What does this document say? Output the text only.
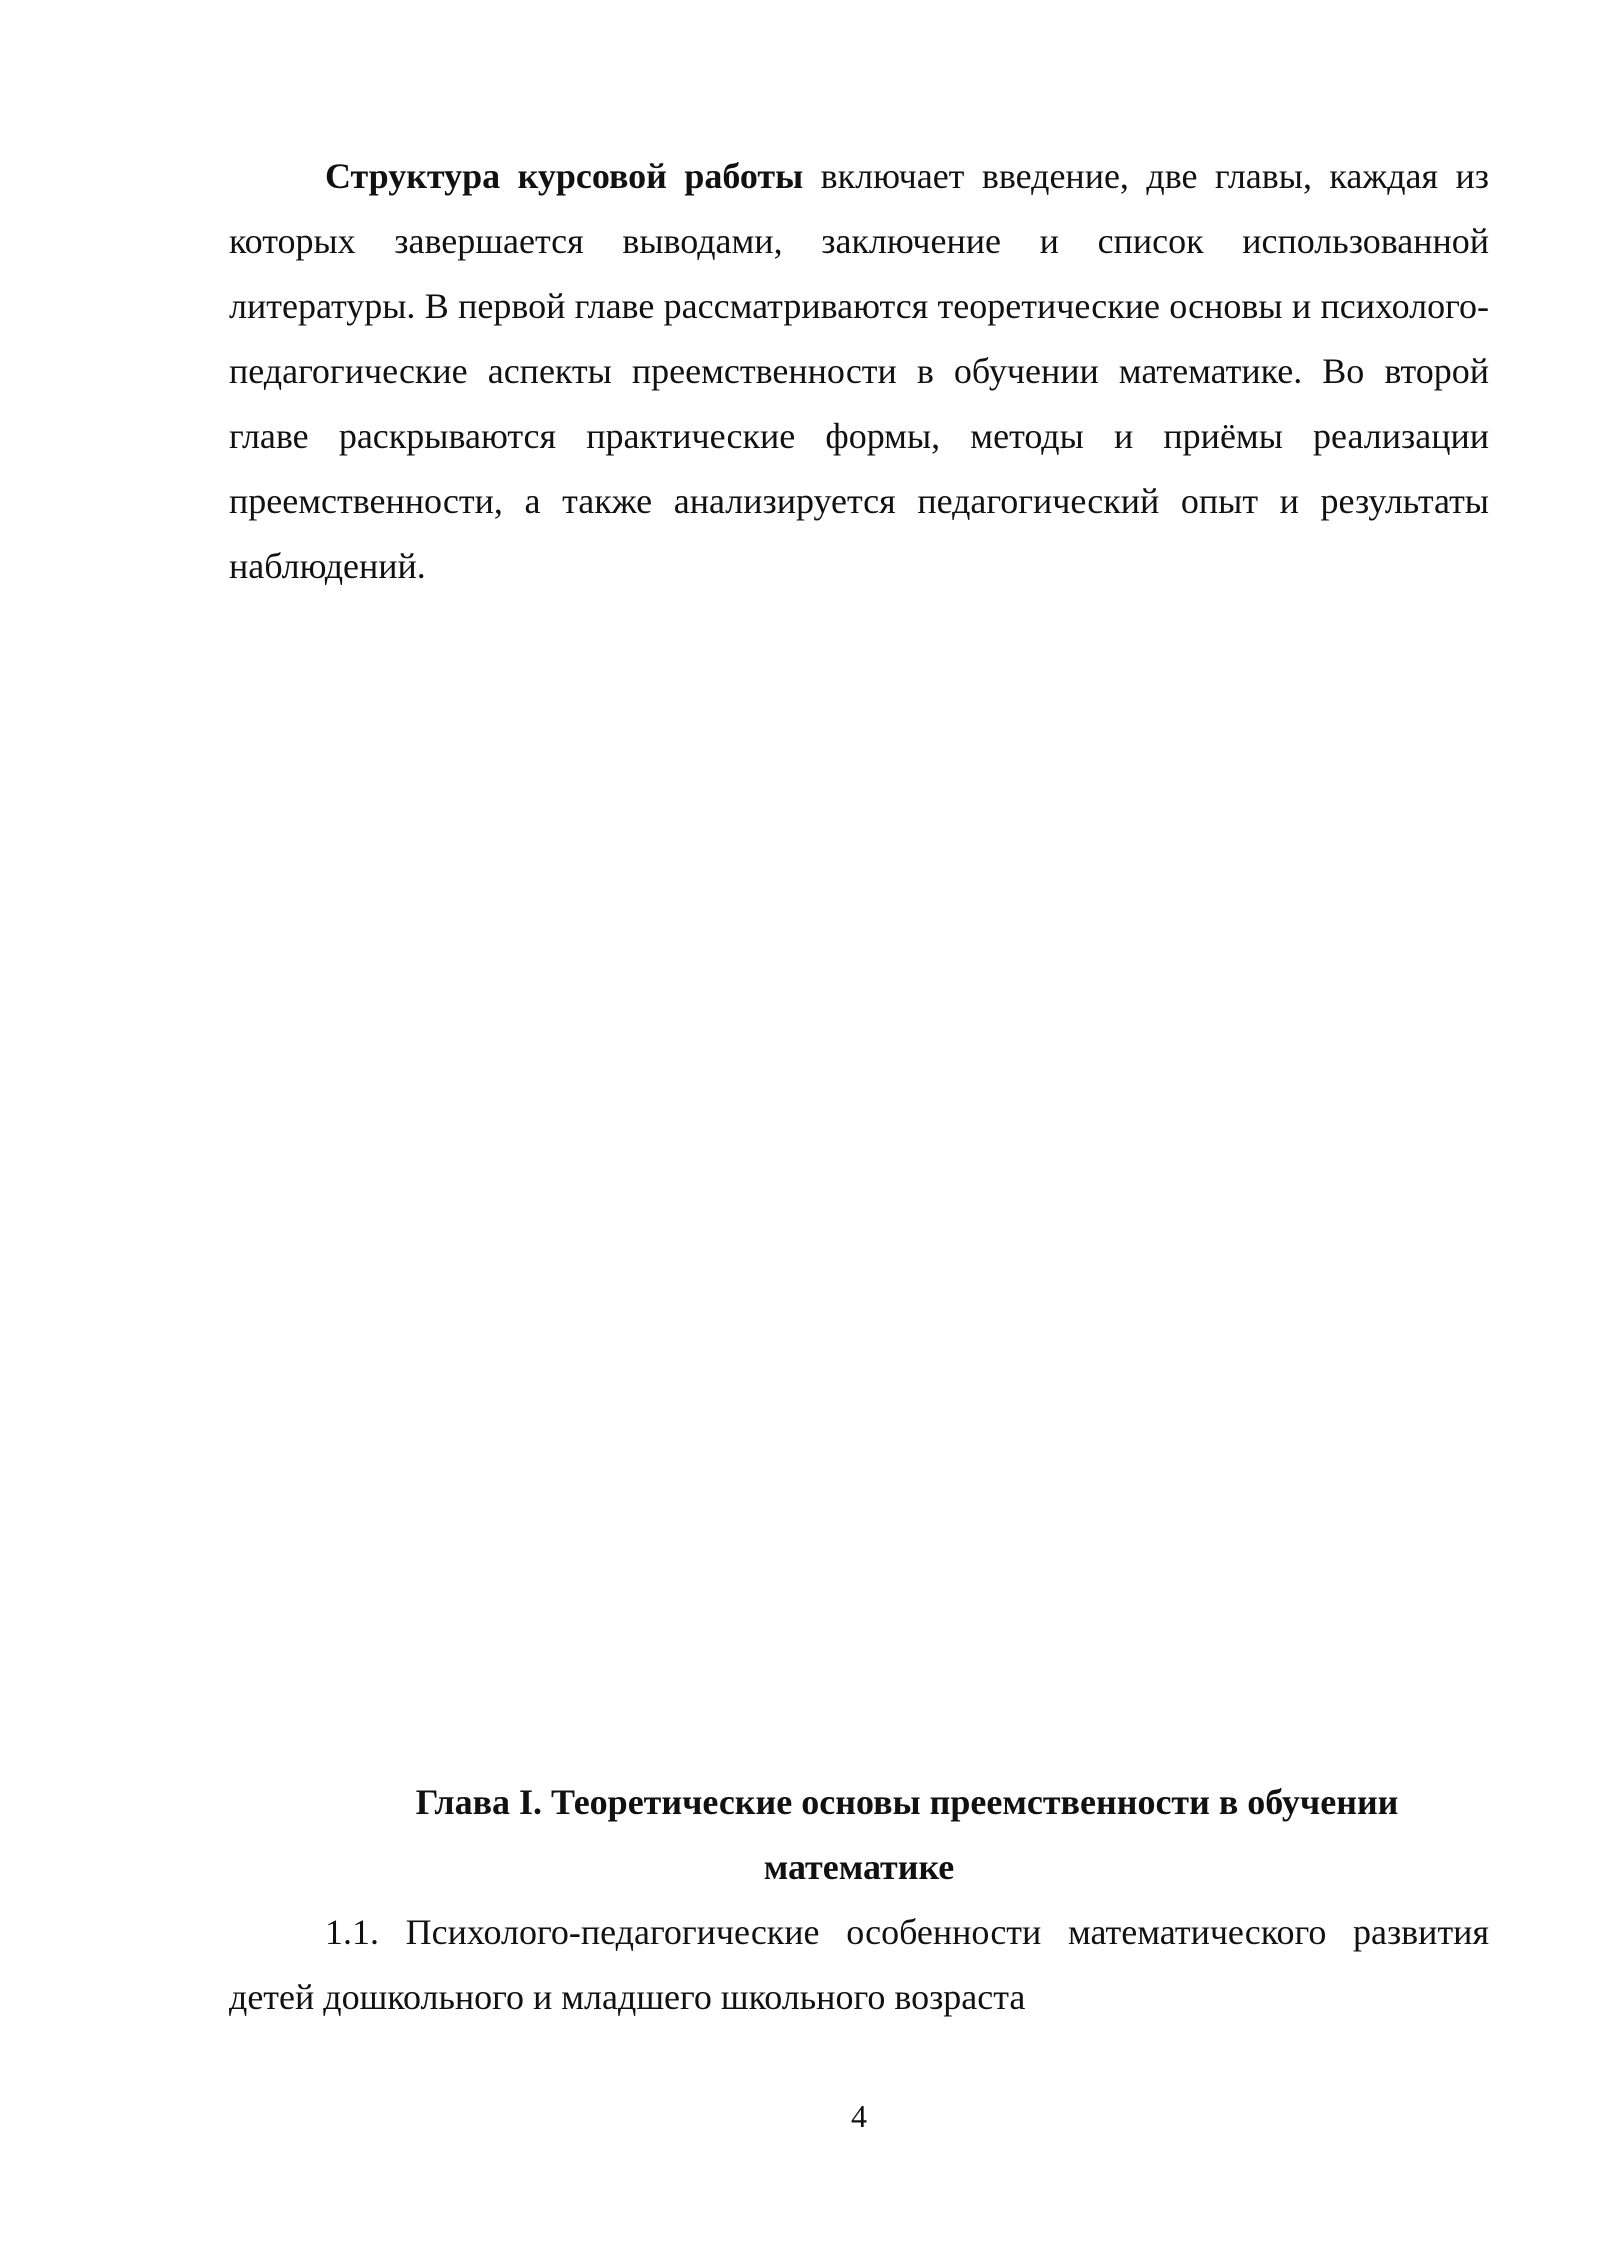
Структура курсовой работы включает введение, две главы, каждая из которых завершается выводами, заключение и список использованной литературы. В первой главе рассматриваются теоретические основы и психолого-педагогические аспекты преемственности в обучении математике. Во второй главе раскрываются практические формы, методы и приёмы реализации преемственности, а также анализируется педагогический опыт и результаты наблюдений.

Глава I. Теоретические основы преемственности в обучении
математике

1.1. Психолого-педагогические особенности математического развития детей дошкольного и младшего школьного возраста

4
